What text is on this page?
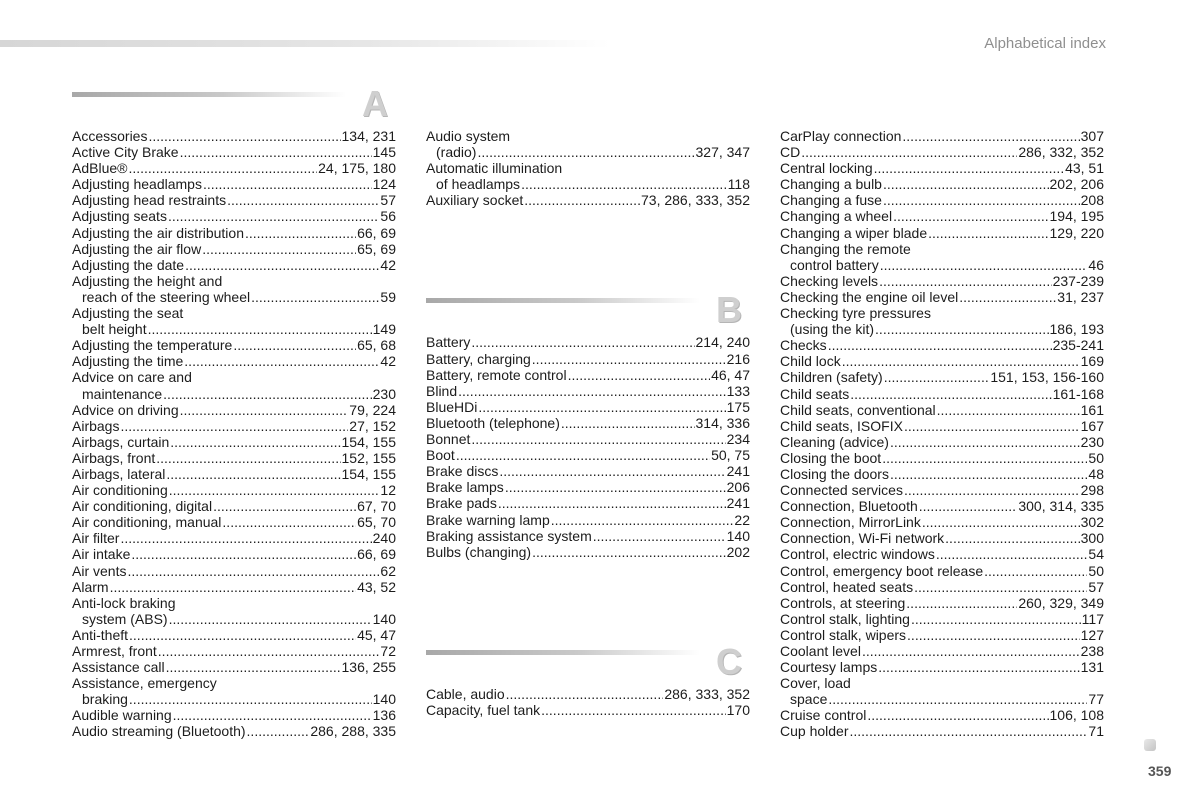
Alphabetical index
A
Accessories .....	134, 231
Active City Brake .....	145
AdBlue® .....	24, 175, 180
Adjusting headlamps .....	124
Adjusting head restraints .....	57
Adjusting seats .....	56
Adjusting the air distribution .....	66, 69
Adjusting the air flow .....	65, 69
Adjusting the date .....	42
Adjusting the height and
reach of the steering wheel .....	59
Adjusting the seat
belt height .....	149
Adjusting the temperature .....	65, 68
Adjusting the time .....	42
Advice on care and
maintenance .....	230
Advice on driving .....	79, 224
Airbags .....	27, 152
Airbags, curtain .....	154, 155
Airbags, front .....	152, 155
Airbags, lateral .....	154, 155
Air conditioning .....	12
Air conditioning, digital .....	67, 70
Air conditioning, manual .....	65, 70
Air filter .....	240
Air intake .....	66, 69
Air vents .....	62
Alarm .....	43, 52
Anti-lock braking
system (ABS) .....	140
Anti-theft .....	45, 47
Armrest, front .....	72
Assistance call .....	136, 255
Assistance, emergency
braking .....	140
Audible warning .....	136
Audio streaming (Bluetooth) .....	286, 288, 335
Audio system
(radio) .....	327, 347
Automatic illumination
of headlamps .....	118
Auxiliary socket .....	73, 286, 333, 352
B
Battery .....	214, 240
Battery, charging .....	216
Battery, remote control .....	46, 47
Blind .....	133
BlueHDi .....	175
Bluetooth (telephone) .....	314, 336
Bonnet .....	234
Boot .....	50, 75
Brake discs .....	241
Brake lamps .....	206
Brake pads .....	241
Brake warning lamp .....	22
Braking assistance system .....	140
Bulbs (changing) .....	202
C
Cable, audio .....	286, 333, 352
Capacity, fuel tank .....	170
CarPlay connection .....	307
CD .....	286, 332, 352
Central locking .....	43, 51
Changing a bulb .....	202, 206
Changing a fuse .....	208
Changing a wheel .....	194, 195
Changing a wiper blade .....	129, 220
Changing the remote
control battery .....	46
Checking levels .....	237-239
Checking the engine oil level .....	31, 237
Checking tyre pressures
(using the kit) .....	186, 193
Checks .....	235-241
Child lock .....	169
Children (safety) .....	151, 153, 156-160
Child seats .....	161-168
Child seats, conventional .....	161
Child seats, ISOFIX .....	167
Cleaning (advice) .....	230
Closing the boot .....	50
Closing the doors .....	48
Connected services .....	298
Connection, Bluetooth .....	300, 314, 335
Connection, MirrorLink .....	302
Connection, Wi-Fi network .....	300
Control, electric windows .....	54
Control, emergency boot release .....	50
Control, heated seats .....	57
Controls, at steering .....	260, 329, 349
Control stalk, lighting .....	117
Control stalk, wipers .....	127
Coolant level .....	238
Courtesy lamps .....	131
Cover, load
space .....	77
Cruise control .....	106, 108
Cup holder .....	71
359
